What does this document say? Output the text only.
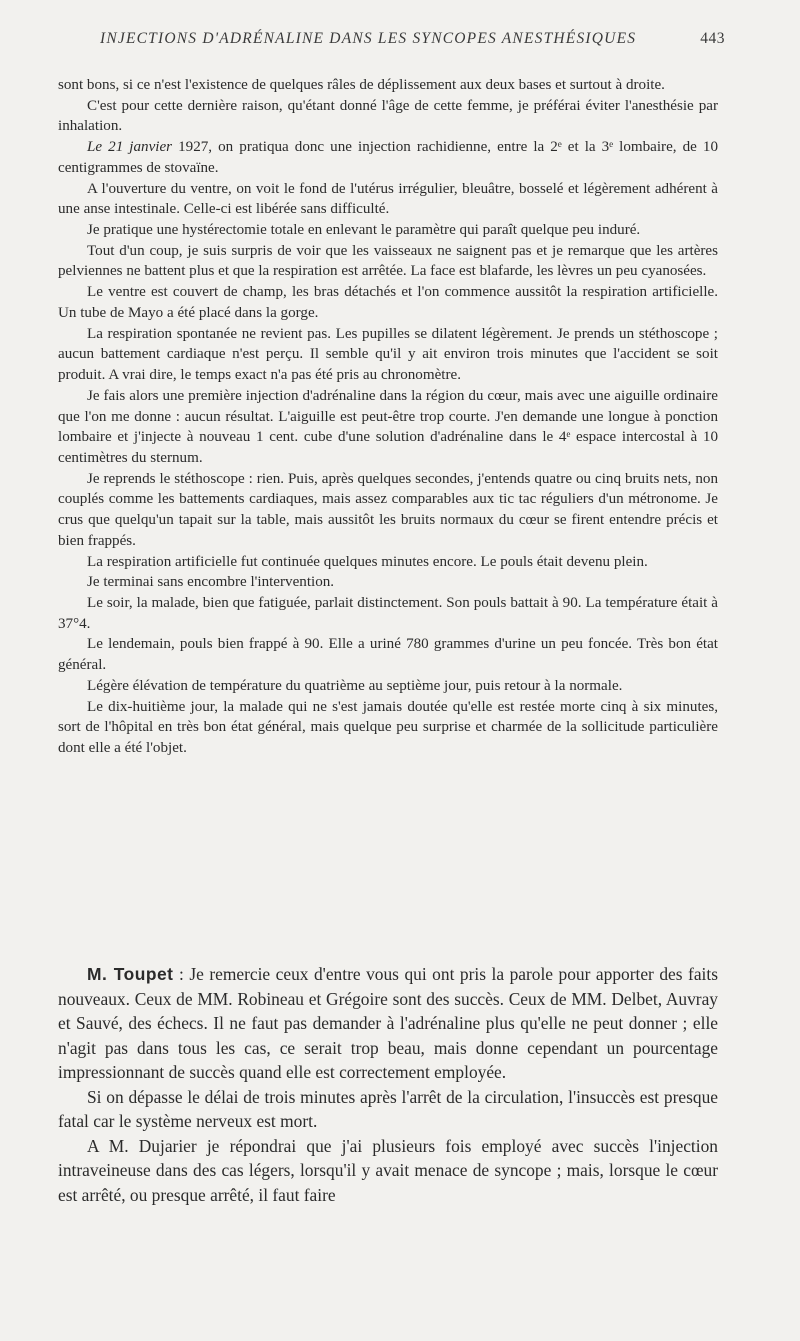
INJECTIONS D'ADRÉNALINE DANS LES SYNCOPES ANESTHÉSIQUES	443

sont bons, si ce n'est l'existence de quelques râles de déplissement aux deux bases et surtout à droite.

C'est pour cette dernière raison, qu'étant donné l'âge de cette femme, je préférai éviter l'anesthésie par inhalation.

Le 21 janvier 1927, on pratiqua donc une injection rachidienne, entre la 2ᵉ et la 3ᵉ lombaire, de 10 centigrammes de stovaïne.

A l'ouverture du ventre, on voit le fond de l'utérus irrégulier, bleuâtre, bosselé et légèrement adhérent à une anse intestinale. Celle-ci est libérée sans difficulté.

Je pratique une hystérectomie totale en enlevant le paramètre qui paraît quelque peu induré.

Tout d'un coup, je suis surpris de voir que les vaisseaux ne saignent pas et je remarque que les artères pelviennes ne battent plus et que la respiration est arrêtée. La face est blafarde, les lèvres un peu cyanosées.

Le ventre est couvert de champ, les bras détachés et l'on commence aussitôt la respiration artificielle. Un tube de Mayo a été placé dans la gorge.

La respiration spontanée ne revient pas. Les pupilles se dilatent légèrement. Je prends un stéthoscope ; aucun battement cardiaque n'est perçu. Il semble qu'il y ait environ trois minutes que l'accident se soit produit. A vrai dire, le temps exact n'a pas été pris au chronomètre.

Je fais alors une première injection d'adrénaline dans la région du cœur, mais avec une aiguille ordinaire que l'on me donne : aucun résultat. L'aiguille est peut-être trop courte. J'en demande une longue à ponction lombaire et j'injecte à nouveau 1 cent. cube d'une solution d'adrénaline dans le 4ᵉ espace intercostal à 10 centimètres du sternum.

Je reprends le stéthoscope : rien. Puis, après quelques secondes, j'entends quatre ou cinq bruits nets, non couplés comme les battements cardiaques, mais assez comparables aux tic tac réguliers d'un métronome. Je crus que quelqu'un tapait sur la table, mais aussitôt les bruits normaux du cœur se firent entendre précis et bien frappés.

La respiration artificielle fut continuée quelques minutes encore. Le pouls était devenu plein.

Je terminai sans encombre l'intervention.

Le soir, la malade, bien que fatiguée, parlait distinctement. Son pouls battait à 90. La température était à 37°4.

Le lendemain, pouls bien frappé à 90. Elle a uriné 780 grammes d'urine un peu foncée. Très bon état général.

Légère élévation de température du quatrième au septième jour, puis retour à la normale.

Le dix-huitième jour, la malade qui ne s'est jamais doutée qu'elle est restée morte cinq à six minutes, sort de l'hôpital en très bon état général, mais quelque peu surprise et charmée de la sollicitude particulière dont elle a été l'objet.

M. Toupet : Je remercie ceux d'entre vous qui ont pris la parole pour apporter des faits nouveaux. Ceux de MM. Robineau et Grégoire sont des succès. Ceux de MM. Delbet, Auvray et Sauvé, des échecs. Il ne faut pas demander à l'adrénaline plus qu'elle ne peut donner ; elle n'agit pas dans tous les cas, ce serait trop beau, mais donne cependant un pourcentage impressionnant de succès quand elle est correctement employée.

Si on dépasse le délai de trois minutes après l'arrêt de la circulation, l'insuccès est presque fatal car le système nerveux est mort.

A M. Dujarier je répondrai que j'ai plusieurs fois employé avec succès l'injection intraveineuse dans des cas légers, lorsqu'il y avait menace de syncope ; mais, lorsque le cœur est arrêté, ou presque arrêté, il faut faire
